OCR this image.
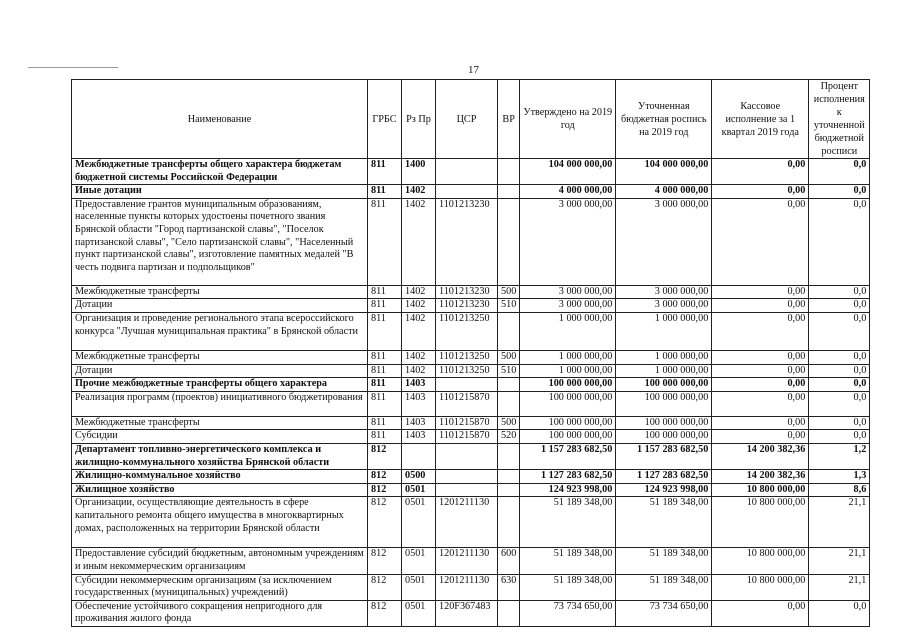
17
Наименование	ГРБС	Рз Пр	ЦСР	ВР	Утверждено на 2019 год	Уточненная бюджетная роспись на 2019 год	Кассовое исполнение за 1 квартал 2019 года	Процент исполнения к уточненной бюджетной росписи
Межбюджетные трансферты общего характера бюджетам бюджетной системы Российской Федерации	811	1400			104 000 000,00	104 000 000,00	0,00	0,0
Иные дотации	811	1402			4 000 000,00	4 000 000,00	0,00	0,0
Предоставление грантов муниципальным образованиям, населенные пункты которых удостоены почетного звания Брянской области "Город партизанской славы", "Поселок партизанской славы", "Село партизанской славы", "Населенный пункт партизанской славы", изготовление памятных медалей "В честь подвига партизан и подпольщиков"	811	1402	1101213230		3 000 000,00	3 000 000,00	0,00	0,0
Межбюджетные трансферты	811	1402	1101213230	500	3 000 000,00	3 000 000,00	0,00	0,0
Дотации	811	1402	1101213230	510	3 000 000,00	3 000 000,00	0,00	0,0
Организация и проведение регионального этапа всероссийского конкурса "Лучшая муниципальная практика" в Брянской области	811	1402	1101213250		1 000 000,00	1 000 000,00	0,00	0,0
Межбюджетные трансферты	811	1402	1101213250	500	1 000 000,00	1 000 000,00	0,00	0,0
Дотации	811	1402	1101213250	510	1 000 000,00	1 000 000,00	0,00	0,0
Прочие межбюджетные трансферты общего характера	811	1403			100 000 000,00	100 000 000,00	0,00	0,0
Реализация программ (проектов) инициативного бюджетирования	811	1403	1101215870		100 000 000,00	100 000 000,00	0,00	0,0
Межбюджетные трансферты	811	1403	1101215870	500	100 000 000,00	100 000 000,00	0,00	0,0
Субсидии	811	1403	1101215870	520	100 000 000,00	100 000 000,00	0,00	0,0
Департамент топливно-энергетического комплекса и жилищно-коммунального хозяйства Брянской области	812				1 157 283 682,50	1 157 283 682,50	14 200 382,36	1,2
Жилищно-коммунальное хозяйство	812	0500			1 127 283 682,50	1 127 283 682,50	14 200 382,36	1,3
Жилищное хозяйство	812	0501			124 923 998,00	124 923 998,00	10 800 000,00	8,6
Организации, осуществляющие деятельность в сфере капитального ремонта общего имущества в многоквартирных домах, расположенных на территории Брянской области	812	0501	1201211130		51 189 348,00	51 189 348,00	10 800 000,00	21,1
Предоставление субсидий бюджетным, автономным учреждениям и иным некоммерческим организациям	812	0501	1201211130	600	51 189 348,00	51 189 348,00	10 800 000,00	21,1
Субсидии некоммерческим организациям (за исключением государственных (муниципальных) учреждений)	812	0501	1201211130	630	51 189 348,00	51 189 348,00	10 800 000,00	21,1
Обеспечение устойчивого сокращения непригодного для проживания жилого фонда	812	0501	120F367483		73 734 650,00	73 734 650,00	0,00	0,0
